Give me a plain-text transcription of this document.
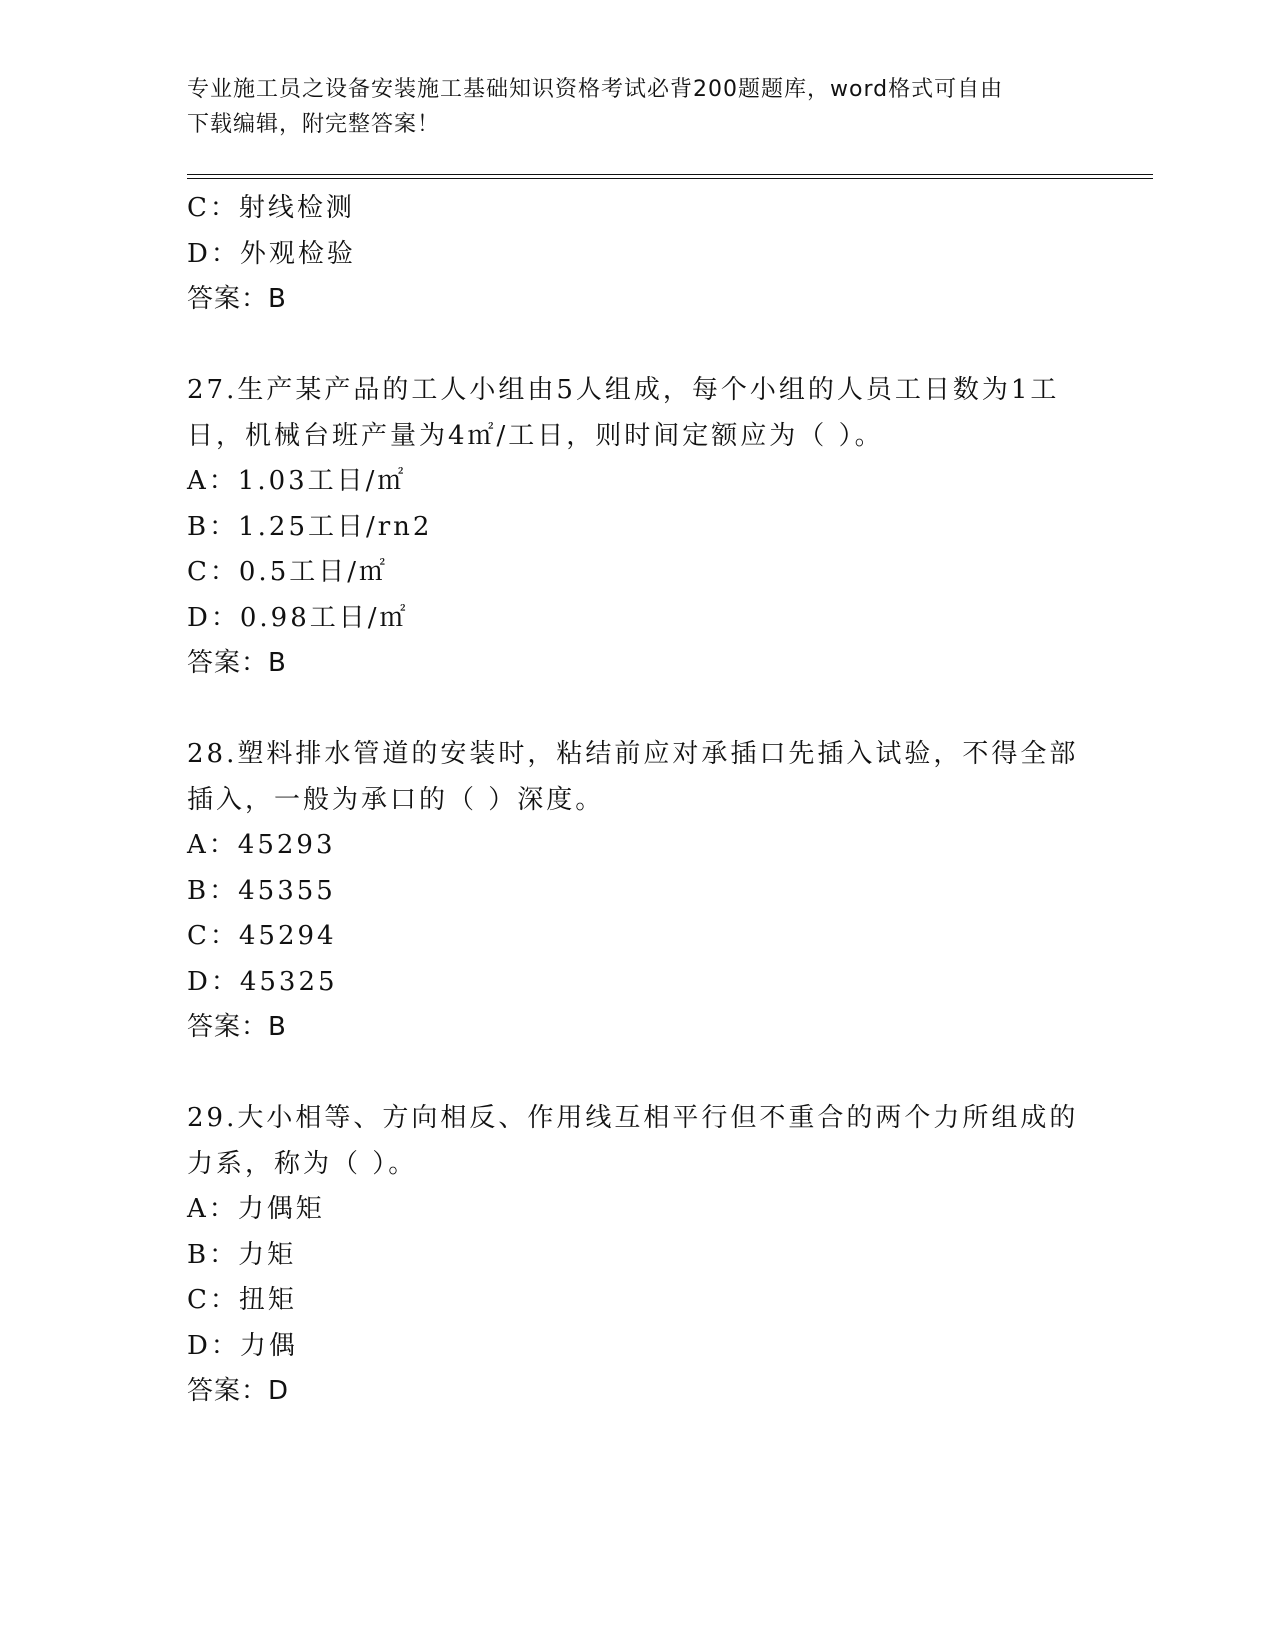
专业施工员之设备安装施工基础知识资格考试必背200题题库，word格式可自由
下载编辑，附完整答案！
C：射线检测
D：外观检验
答案：B
27.生产某产品的工人小组由5人组成，每个小组的人员工日数为1工
日，机械台班产量为4㎡/工日，则时间定额应为（ ）。
A：1.03工日/㎡
B：1.25工日/rn2
C：0.5工日/㎡
D：0.98工日/㎡
答案：B
28.塑料排水管道的安装时，粘结前应对承插口先插入试验，不得全部
插入，一般为承口的（ ）深度。
A：45293
B：45355
C：45294
D：45325
答案：B
29.大小相等、方向相反、作用线互相平行但不重合的两个力所组成的
力系，称为（ ）。
A：力偶矩
B：力矩
C：扭矩
D：力偶
答案：D
